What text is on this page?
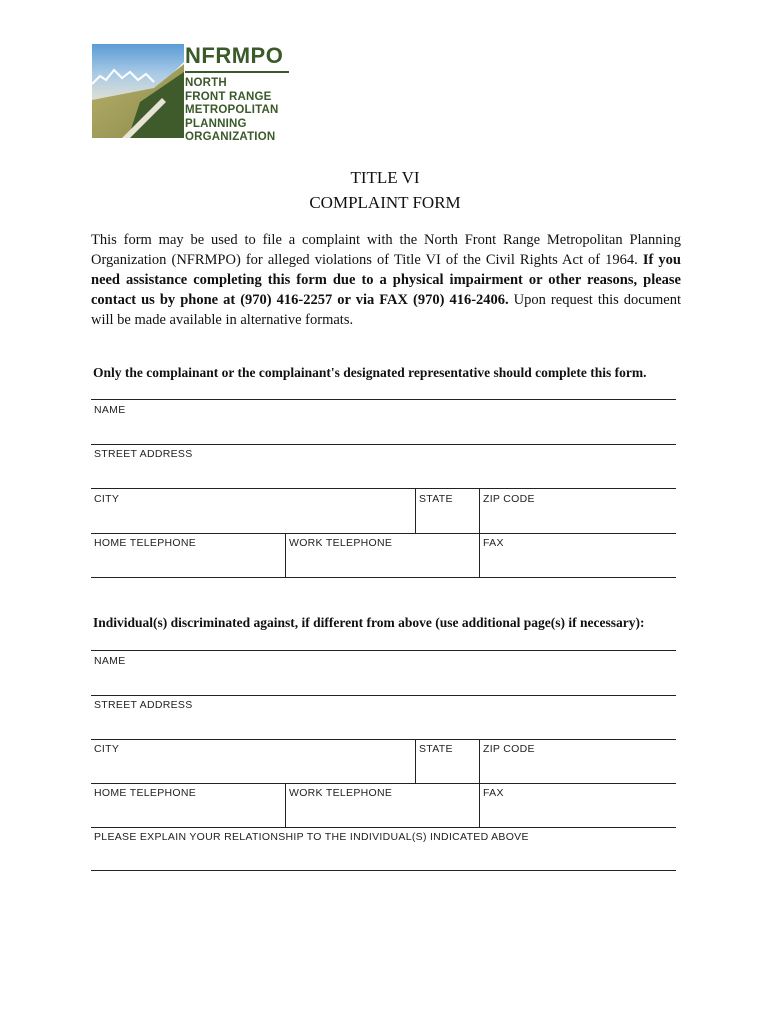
NFRMPO
NORTH
FRONT RANGE
METROPOLITAN
PLANNING
ORGANIZATION
TITLE VI
COMPLAINT FORM
This form may be used to file a complaint with the North Front Range Metropolitan Planning Organization (NFRMPO) for alleged violations of Title VI of the Civil Rights Act of 1964. If you need assistance completing this form due to a physical impairment or other reasons, please contact us by phone at (970) 416-2257 or via FAX (970) 416-2406. Upon request this document will be made available in alternative formats.
Only the complainant or the complainant's designated representative should complete this form.
NAME
STREET ADDRESS
CITY	STATE	ZIP CODE
HOME TELEPHONE	WORK TELEPHONE	FAX
Individual(s) discriminated against, if different from above (use additional page(s) if necessary):
NAME
STREET ADDRESS
CITY	STATE	ZIP CODE
HOME TELEPHONE	WORK TELEPHONE	FAX
PLEASE EXPLAIN YOUR RELATIONSHIP TO THE INDIVIDUAL(S) INDICATED ABOVE
